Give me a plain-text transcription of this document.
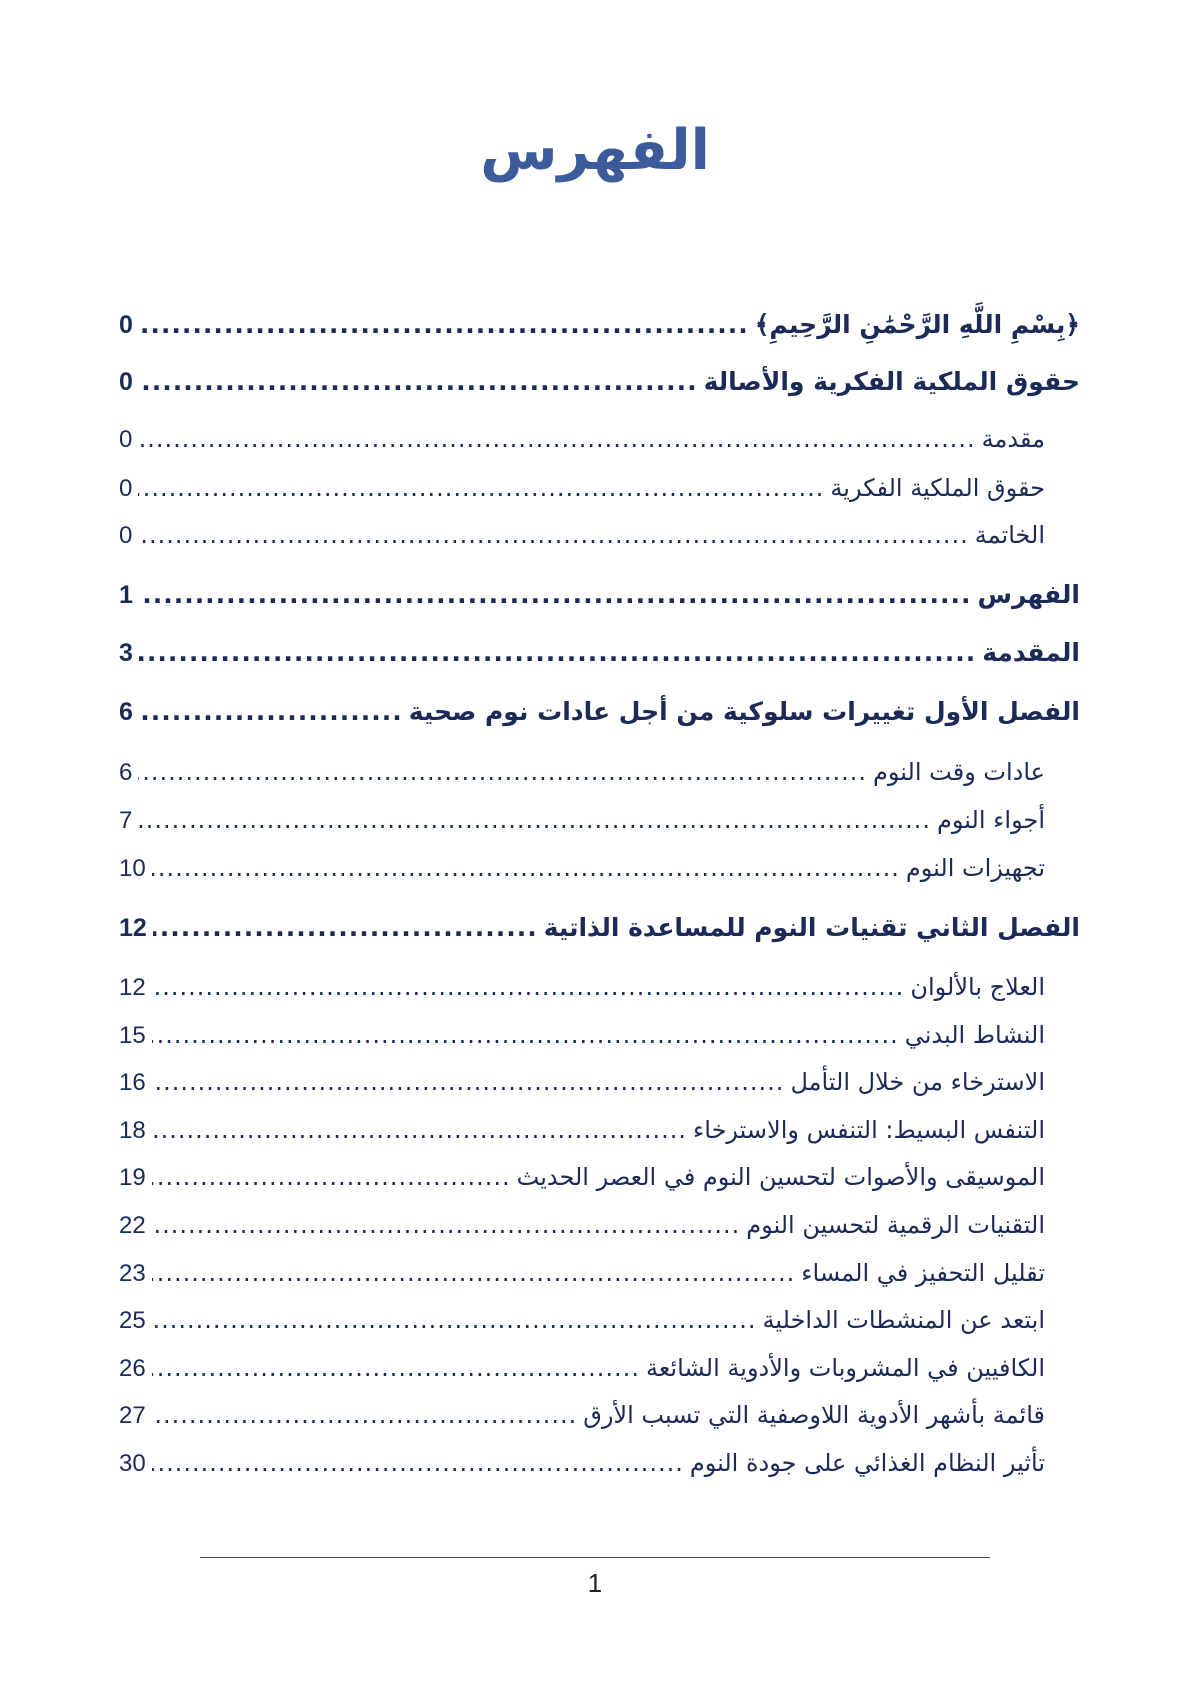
الفهرس
﴿بِسْمِ اللَّهِ الرَّحْمَٰنِ الرَّحِيمِ﴾
.....
0
حقوق الملكية الفكرية والأصالة
.....
0
مقدمة
.....
0
حقوق الملكية الفكرية
.....
0
الخاتمة
.....
0
الفهرس
.....
1
المقدمة
.....
3
الفصل الأول تغييرات سلوكية من أجل عادات نوم صحية
.....
6
عادات وقت النوم
.....
6
أجواء النوم
.....
7
تجهيزات النوم
.....
10
الفصل الثاني تقنيات النوم للمساعدة الذاتية
.....
12
العلاج بالألوان
.....
12
النشاط البدني
.....
15
الاسترخاء من خلال التأمل
.....
16
التنفس البسيط: التنفس والاسترخاء
.....
18
الموسيقى والأصوات لتحسين النوم في العصر الحديث
.....
19
التقنيات الرقمية لتحسين النوم
.....
22
تقليل التحفيز في المساء
.....
23
ابتعد عن المنشطات الداخلية
.....
25
الكافيين في المشروبات والأدوية الشائعة
.....
26
قائمة بأشهر الأدوية اللاوصفية التي تسبب الأرق
.....
27
تأثير النظام الغذائي على جودة النوم
.....
30
1
